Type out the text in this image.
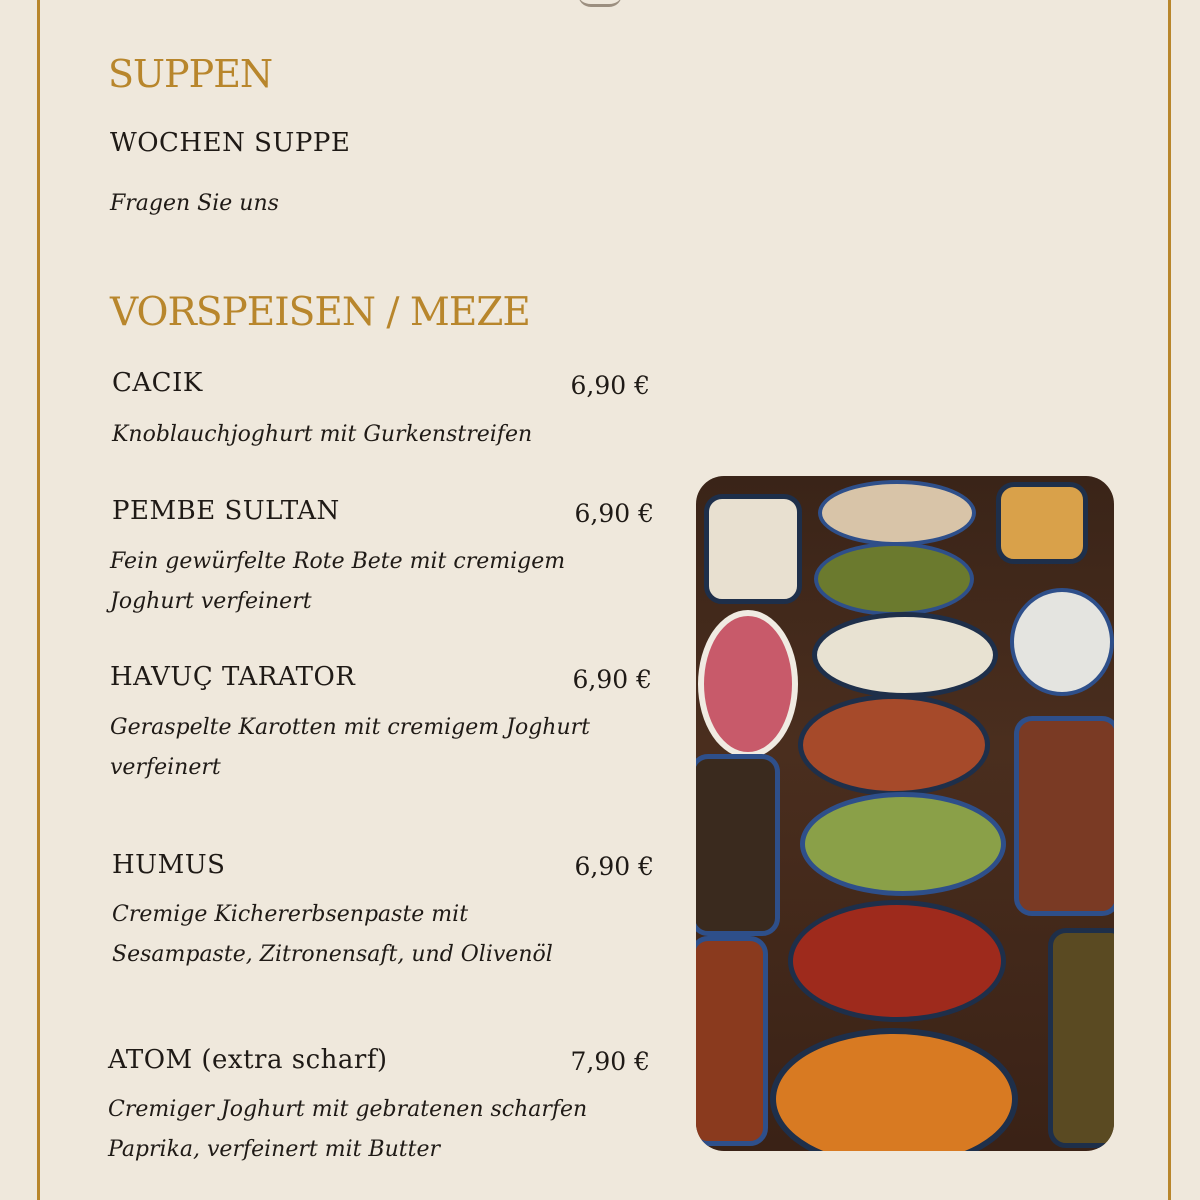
SUPPEN
WOCHEN SUPPE
Fragen Sie uns
VORSPEISEN / MEZE
CACIK	6,90 €
Knoblauchjoghurt mit Gurkenstreifen
PEMBE SULTAN	6,90 €
Fein gewürfelte Rote Bete mit cremigem
Joghurt verfeinert
HAVUÇ TARATOR	6,90 €
Geraspelte Karotten mit cremigem Joghurt
verfeinert
HUMUS	6,90 €
Cremige Kichererbsenpaste mit
Sesampaste, Zitronensaft, und Olivenöl
ATOM (extra scharf)	7,90 €
Cremiger Joghurt mit gebratenen scharfen
Paprika, verfeinert mit Butter
